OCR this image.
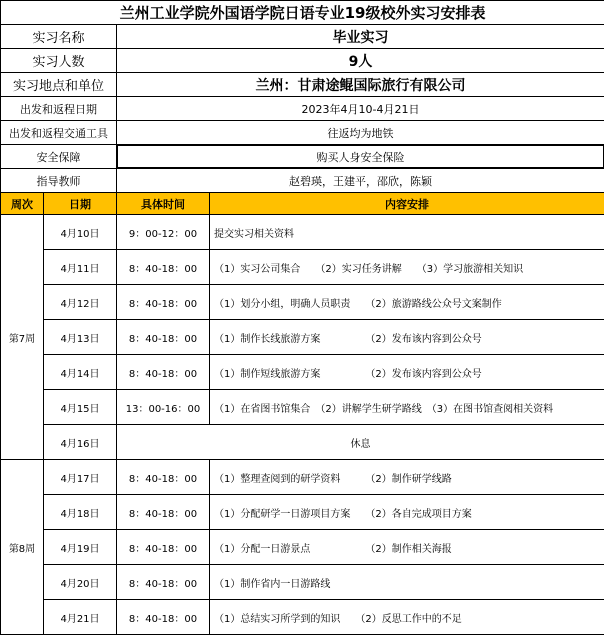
兰州工业学院外国语学院日语专业19级校外实习安排表			
实习名称		毕业实习	
实习人数		9人	
实习地点和单位		兰州：甘肃途鲲国际旅行有限公司	
出发和返程日期		2023年4月10-4月21日	
出发和返程交通工具		往返均为地铁	
安全保障		购买人身安全保险	
指导教师		赵碧瑛，王建平，邵欣，陈颖	
周次	日期	具体时间	内容安排
第7周	4月10日	9：00-12：00	提交实习相关资料
	4月11日	8：40-18：00	（1）实习公司集合　　（2）实习任务讲解　　（3）学习旅游相关知识
	4月12日	8：40-18：00	（1）划分小组，明确人员职责　　（2）旅游路线公众号文案制作
	4月13日	8：40-18：00	（1）制作长线旅游方案　　　　　（2）发布该内容到公众号
	4月14日	8：40-18：00	（1）制作短线旅游方案　　　　　（2）发布该内容到公众号
	4月15日	13：00-16：00	（1）在省图书馆集合　（2）讲解学生研学路线　（3）在图书馆查阅相关资料
	4月16日	休息	
第8周	4月17日	8：40-18：00	（1）整理查阅到的研学资料　　　（2）制作研学线路
	4月18日	8：40-18：00	（1）分配研学一日游项目方案　　（2）各自完成项目方案
	4月19日	8：40-18：00	（1）分配一日游景点　　　　　　（2）制作相关海报
	4月20日	8：40-18：00	（1）制作省内一日游路线
	4月21日	8：40-18：00	（1）总结实习所学到的知识　　（2）反思工作中的不足
